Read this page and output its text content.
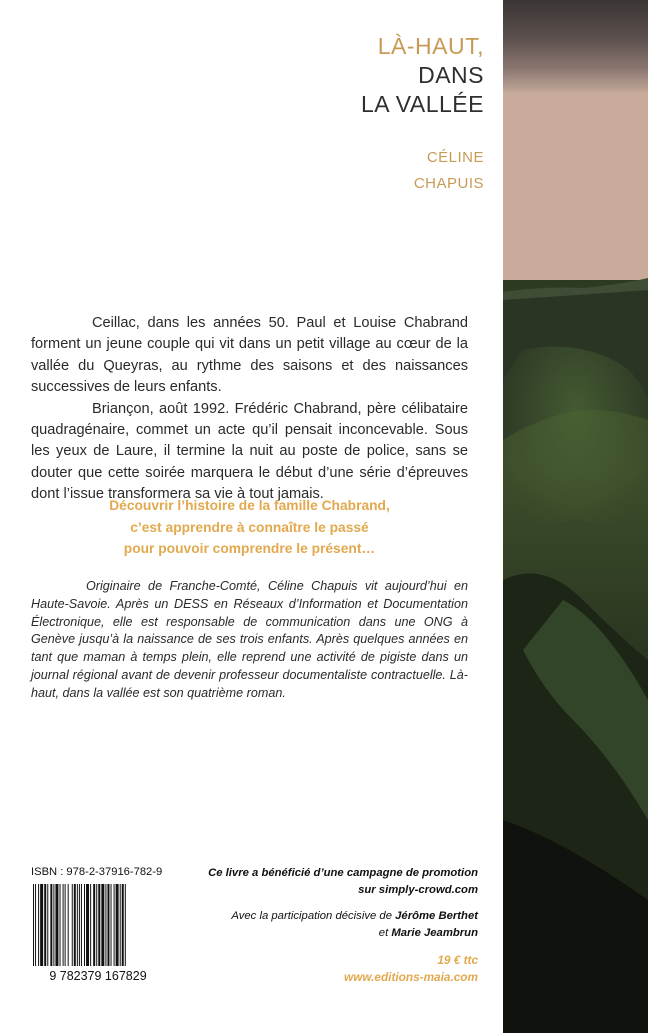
LÀ-HAUT,
DANS
LA VALLÉE
CÉLINE
CHAPUIS

Ceillac, dans les années 50. Paul et Louise Chabrand forment un jeune couple qui vit dans un petit village au cœur de la vallée du Queyras, au rythme des saisons et des naissances successives de leurs enfants.

Briançon, août 1992. Frédéric Chabrand, père célibataire quadragénaire, commet un acte qu’il pensait inconcevable. Sous les yeux de Laure, il termine la nuit au poste de police, sans se douter que cette soirée marquera le début d’une série d’épreuves dont l’issue transformera sa vie à tout jamais.

Découvrir l’histoire de la famille Chabrand,
c’est apprendre à connaître le passé
pour pouvoir comprendre le présent…
Originaire de Franche-Comté, Céline Chapuis vit aujourd’hui en Haute-Savoie. Après un DESS en Réseaux d’Information et Documentation Électronique, elle est responsable de communication dans une ONG à Genève jusqu’à la naissance de ses trois enfants. Après quelques années en tant que maman à temps plein, elle reprend une activité de pigiste dans un journal régional avant de devenir professeur documentaliste contractuelle. Là-haut, dans la vallée est son quatrième roman.
ISBN : 978-2-37916-782-9
9 782379 167829
Ce livre a bénéficié d’une campagne de promotion
sur simply-crowd.com
Avec la participation décisive de Jérôme Berthet
et Marie Jeambrun
19 € ttc
www.editions-maia.com
